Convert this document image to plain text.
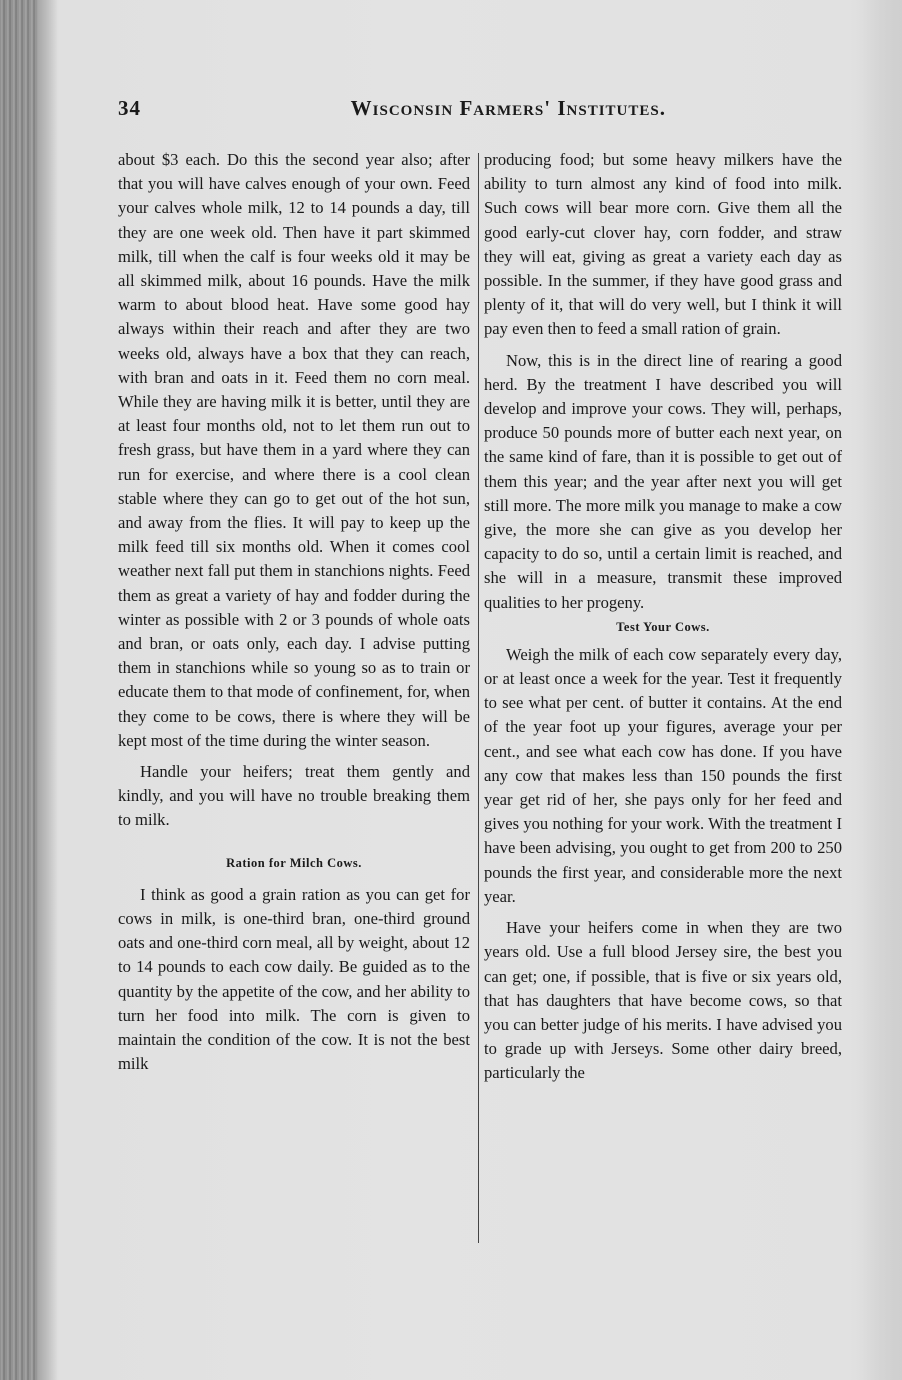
34	Wisconsin Farmers' Institutes.

about $3 each. Do this the second year also; after that you will have calves enough of your own. Feed your calves whole milk, 12 to 14 pounds a day, till they are one week old. Then have it part skimmed milk, till when the calf is four weeks old it may be all skimmed milk, about 16 pounds. Have the milk warm to about blood heat. Have some good hay always within their reach and after they are two weeks old, always have a box that they can reach, with bran and oats in it. Feed them no corn meal. While they are having milk it is better, until they are at least four months old, not to let them run out to fresh grass, but have them in a yard where they can run for exercise, and where there is a cool clean stable where they can go to get out of the hot sun, and away from the flies. It will pay to keep up the milk feed till six months old. When it comes cool weather next fall put them in stanchions nights. Feed them as great a variety of hay and fodder during the winter as possible with 2 or 3 pounds of whole oats and bran, or oats only, each day. I advise putting them in stanchions while so young so as to train or educate them to that mode of confinement, for, when they come to be cows, there is where they will be kept most of the time during the winter season.

Handle your heifers; treat them gently and kindly, and you will have no trouble breaking them to milk.

Ration for Milch Cows.

I think as good a grain ration as you can get for cows in milk, is one-third bran, one-third ground oats and one-third corn meal, all by weight, about 12 to 14 pounds to each cow daily. Be guided as to the quantity by the appetite of the cow, and her ability to turn her food into milk. The corn is given to maintain the condition of the cow. It is not the best milk

producing food; but some heavy milkers have the ability to turn almost any kind of food into milk. Such cows will bear more corn. Give them all the good early-cut clover hay, corn fodder, and straw they will eat, giving as great a variety each day as possible. In the summer, if they have good grass and plenty of it, that will do very well, but I think it will pay even then to feed a small ration of grain.

Now, this is in the direct line of rearing a good herd. By the treatment I have described you will develop and improve your cows. They will, perhaps, produce 50 pounds more of butter each next year, on the same kind of fare, than it is possible to get out of them this year; and the year after next you will get still more. The more milk you manage to make a cow give, the more she can give as you develop her capacity to do so, until a certain limit is reached, and she will in a measure, transmit these improved qualities to her progeny.

Test Your Cows.

Weigh the milk of each cow separately every day, or at least once a week for the year. Test it frequently to see what per cent. of butter it contains. At the end of the year foot up your figures, average your per cent., and see what each cow has done. If you have any cow that makes less than 150 pounds the first year get rid of her, she pays only for her feed and gives you nothing for your work. With the treatment I have been advising, you ought to get from 200 to 250 pounds the first year, and considerable more the next year.

Have your heifers come in when they are two years old. Use a full blood Jersey sire, the best you can get; one, if possible, that is five or six years old, that has daughters that have become cows, so that you can better judge of his merits. I have advised you to grade up with Jerseys. Some other dairy breed, particularly the
